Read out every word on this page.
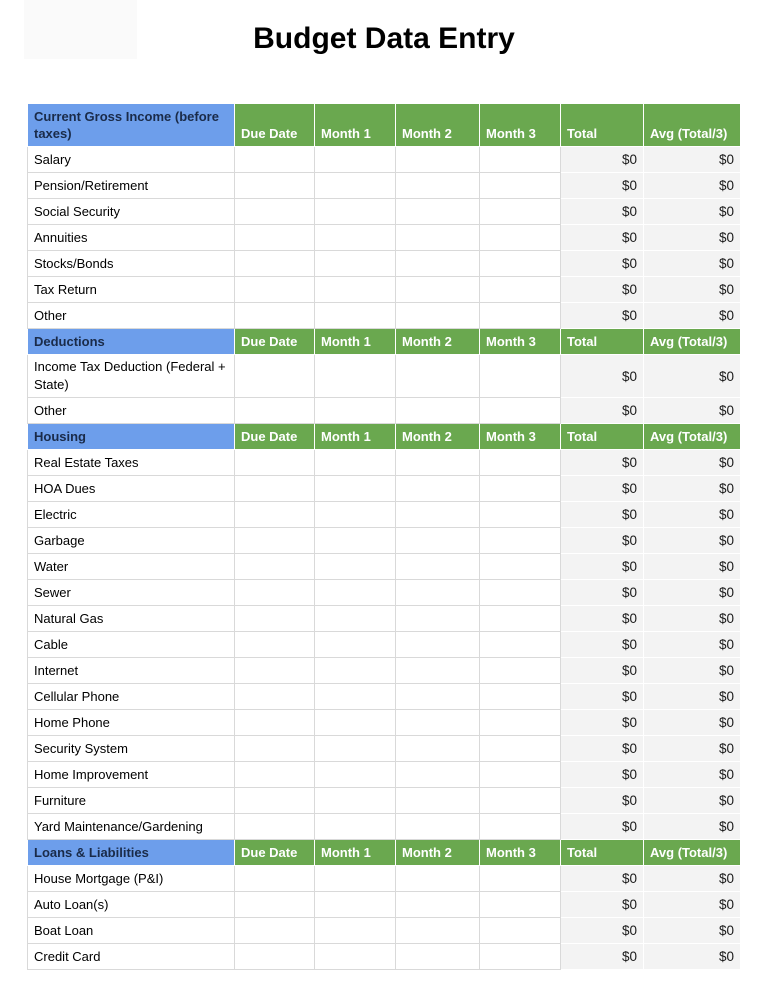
Budget Data Entry
Current Gross Income (before taxes)	Due Date	Month 1	Month 2	Month 3	Total	Avg (Total/3)
Salary					$0	$0
Pension/Retirement					$0	$0
Social Security					$0	$0
Annuities					$0	$0
Stocks/Bonds					$0	$0
Tax Return					$0	$0
Other					$0	$0
Deductions	Due Date	Month 1	Month 2	Month 3	Total	Avg (Total/3)
Income Tax Deduction (Federal + State)					$0	$0
Other					$0	$0
Housing	Due Date	Month 1	Month 2	Month 3	Total	Avg (Total/3)
Real Estate Taxes					$0	$0
HOA Dues					$0	$0
Electric					$0	$0
Garbage					$0	$0
Water					$0	$0
Sewer					$0	$0
Natural Gas					$0	$0
Cable					$0	$0
Internet					$0	$0
Cellular Phone					$0	$0
Home Phone					$0	$0
Security System					$0	$0
Home Improvement					$0	$0
Furniture					$0	$0
Yard Maintenance/Gardening					$0	$0
Loans & Liabilities	Due Date	Month 1	Month 2	Month 3	Total	Avg (Total/3)
House Mortgage (P&I)					$0	$0
Auto Loan(s)					$0	$0
Boat Loan					$0	$0
Credit Card					$0	$0
